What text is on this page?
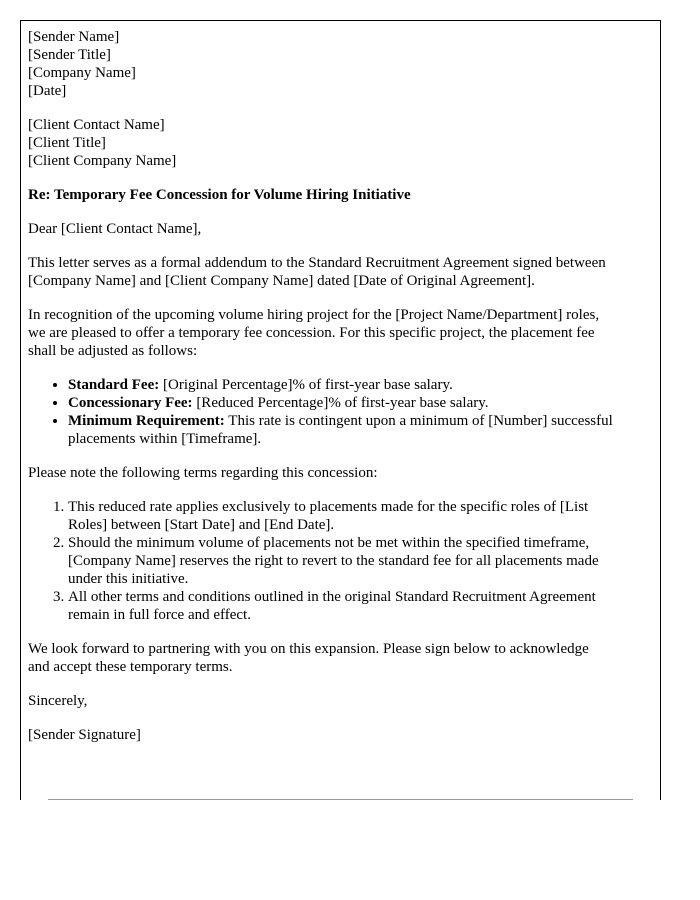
[Sender Name]
[Sender Title]
[Company Name]
[Date]
[Client Contact Name]
[Client Title]
[Client Company Name]

Re: Temporary Fee Concession for Volume Hiring Initiative

Dear [Client Contact Name],

This letter serves as a formal addendum to the Standard Recruitment Agreement signed between [Company Name] and [Client Company Name] dated [Date of Original Agreement].

In recognition of the upcoming volume hiring project for the [Project Name/Department] roles, we are pleased to offer a temporary fee concession. For this specific project, the placement fee shall be adjusted as follows:

• Standard Fee: [Original Percentage]% of first-year base salary.
• Concessionary Fee: [Reduced Percentage]% of first-year base salary.
• Minimum Requirement: This rate is contingent upon a minimum of [Number] successful placements within [Timeframe].

Please note the following terms regarding this concession:

1. This reduced rate applies exclusively to placements made for the specific roles of [List Roles] between [Start Date] and [End Date].
2. Should the minimum volume of placements not be met within the specified timeframe, [Company Name] reserves the right to revert to the standard fee for all placements made under this initiative.
3. All other terms and conditions outlined in the original Standard Recruitment Agreement remain in full force and effect.

We look forward to partnering with you on this expansion. Please sign below to acknowledge and accept these temporary terms.

Sincerely,

[Sender Signature]
